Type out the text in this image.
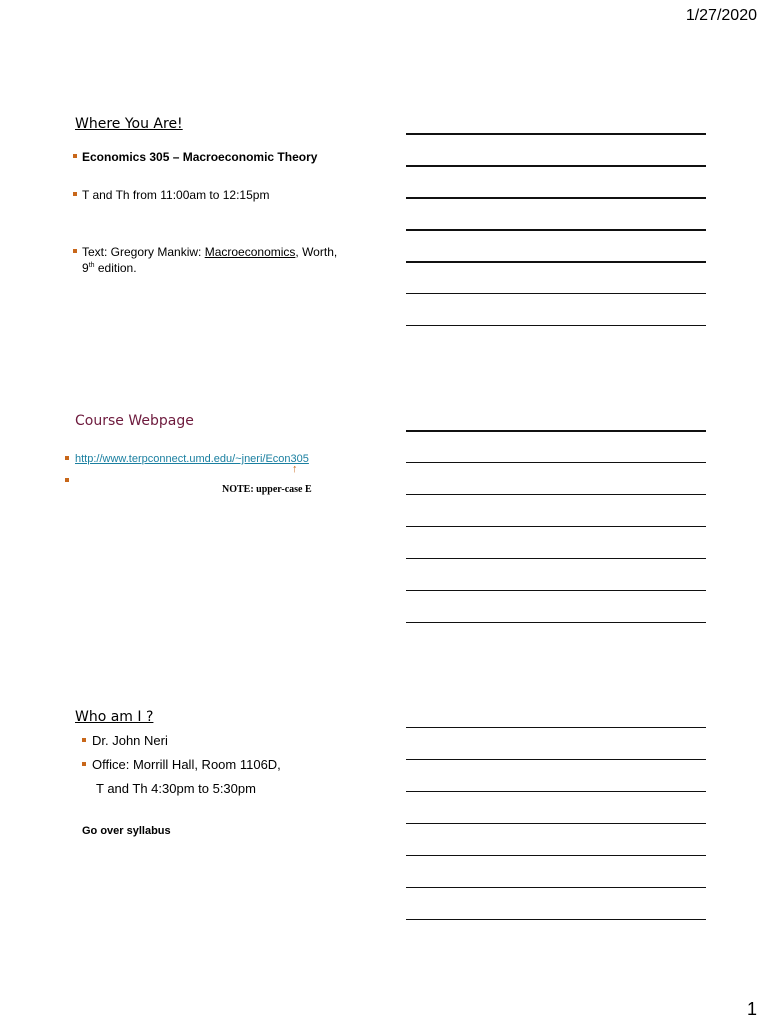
1/27/2020
Where You Are!
Economics 305 – Macroeconomic Theory
T and Th from 11:00am to 12:15pm
Text: Gregory Mankiw: Macroeconomics, Worth,
9th edition.
Course Webpage
http://www.terpconnect.umd.edu/~jneri/Econ305
↑
NOTE: upper-case E
Who am I ?
Dr. John Neri
Office: Morrill Hall, Room 1106D,
T and Th 4:30pm to 5:30pm
Go over syllabus
1
